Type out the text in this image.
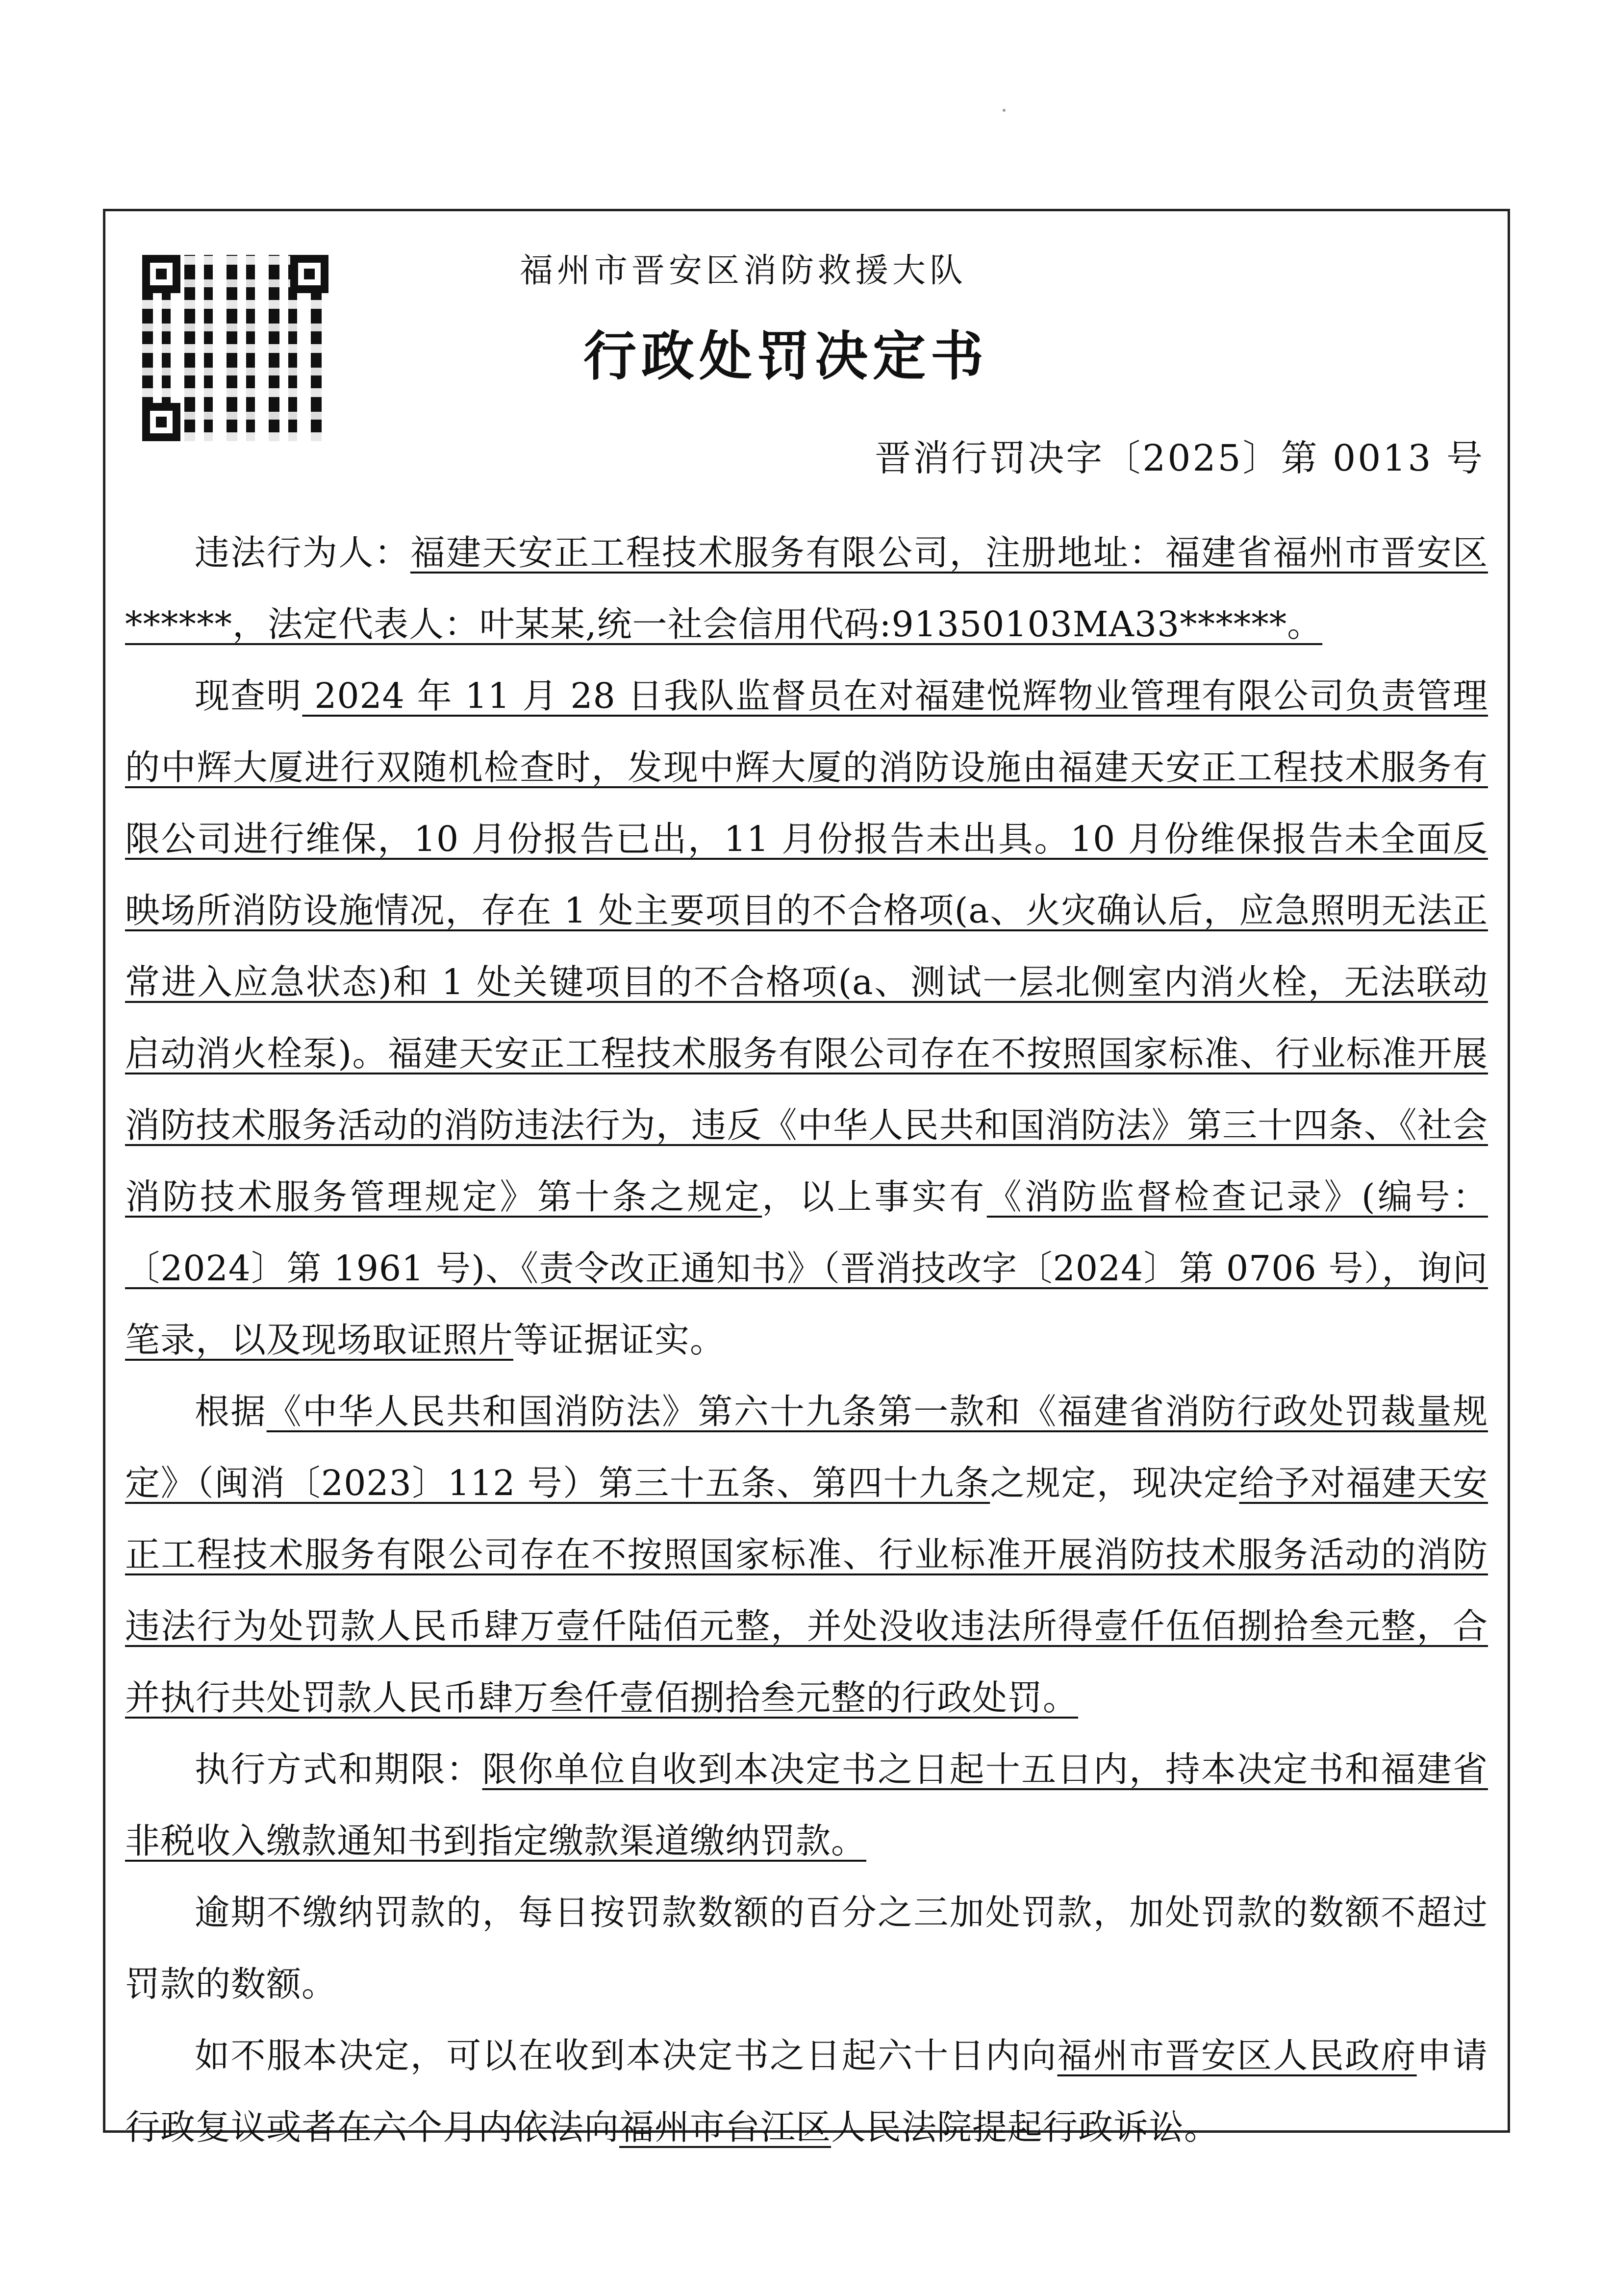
福州市晋安区消防救援大队
行政处罚决定书
晋消行罚决字〔2025〕第 0013 号

违法行为人：福建天安正工程技术服务有限公司，注册地址：福建省福州市晋安区******，法定代表人：叶某某,统一社会信用代码:91350103MA33******。

现查明 2024 年 11 月 28 日我队监督员在对福建悦辉物业管理有限公司负责管理的中辉大厦进行双随机检查时，发现中辉大厦的消防设施由福建天安正工程技术服务有限公司进行维保，10 月份报告已出，11 月份报告未出具。10 月份维保报告未全面反映场所消防设施情况，存在 1 处主要项目的不合格项(a、火灾确认后，应急照明无法正常进入应急状态)和 1 处关键项目的不合格项(a、测试一层北侧室内消火栓，无法联动启动消火栓泵)。福建天安正工程技术服务有限公司存在不按照国家标准、行业标准开展消防技术服务活动的消防违法行为，违反《中华人民共和国消防法》第三十四条、《社会消防技术服务管理规定》第十条之规定，以上事实有《消防监督检查记录》(编号：〔2024〕第 1961 号)、《责令改正通知书》（晋消技改字〔2024〕第 0706 号），询问笔录，以及现场取证照片等证据证实。

根据《中华人民共和国消防法》第六十九条第一款和《福建省消防行政处罚裁量规定》（闽消〔2023〕112 号）第三十五条、第四十九条之规定，现决定给予对福建天安正工程技术服务有限公司存在不按照国家标准、行业标准开展消防技术服务活动的消防违法行为处罚款人民币肆万壹仟陆佰元整，并处没收违法所得壹仟伍佰捌拾叁元整，合并执行共处罚款人民币肆万叁仟壹佰捌拾叁元整的行政处罚。

执行方式和期限：限你单位自收到本决定书之日起十五日内，持本决定书和福建省非税收入缴款通知书到指定缴款渠道缴纳罚款。

逾期不缴纳罚款的，每日按罚款数额的百分之三加处罚款，加处罚款的数额不超过罚款的数额。

如不服本决定，可以在收到本决定书之日起六十日内向福州市晋安区人民政府申请行政复议或者在六个月内依法向福州市台江区人民法院提起行政诉讼。
